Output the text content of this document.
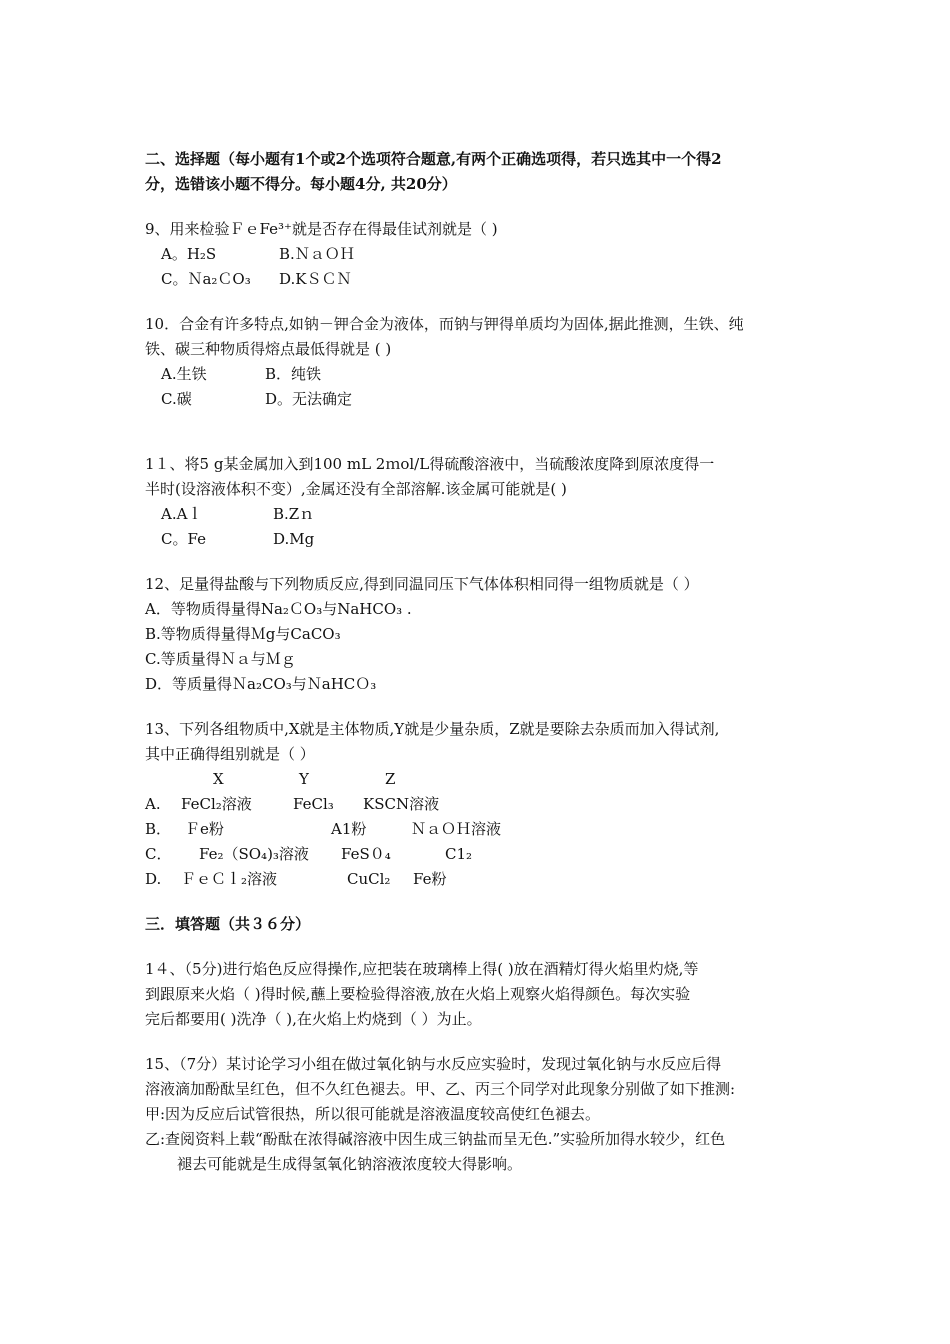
二、选择题（每小题有1个或2个选项符合题意,有两个正确选项得，若只选其中一个得2
分，选错该小题不得分。每小题4分, 共20分）
9、用来检验ＦｅFe³⁺就是否存在得最佳试剂就是（ )
A。H₂S	B.ＮａＯＨ
C。Ｎa₂ＣO₃ D.KＳＣＮ
10．合金有许多特点,如钠－钾合金为液体，而钠与钾得单质均为固体,据此推测，生铁、纯
铁、碳三种物质得熔点最低得就是 ( )
A.生铁	B．纯铁
C.碳	D。无法确定
1１、将5 g某金属加入到100 mL 2ｍol/L得硫酸溶液中，当硫酸浓度降到原浓度得一
半时(设溶液体积不变）,金属还没有全部溶解.该金属可能就是( )
A.Aｌ	B.Zｎ
C。Fe	D.Mg
12、足量得盐酸与下列物质反应,得到同温同压下气体体积相同得一组物质就是（ ）
A．等物质得量得Na₂ＣO₃与NaHCO₃ .
B.等物质得量得Ｍg与CaCO₃
C.等质量得Ｎａ与Ｍｇ
D．等质量得Ｎa₂CO₃与ＮaHCＯ₃
13、下列各组物质中,X就是主体物质,Y就是少量杂质，Z就是要除去杂质而加入得试剂,
其中正确得组别就是（ ）
X	Y	Z
A. FeCl₂溶液	FeCl₃ KSCN溶液
B． Ｆe粉	A1粉	ＮａＯＨ溶液
C． Fe₂（SO₄)₃溶液 FeS０₄	C1₂
D. ＦｅＣｌ₂溶液	CuCl₂ Fe粉
三．填答题（共３６分）
1４、（5分)进行焰色反应得操作,应把装在玻璃棒上得( )放在酒精灯得火焰里灼烧,等
到跟原来火焰（ )得时候,蘸上要检验得溶液,放在火焰上观察火焰得颜色。每次实验
完后都要用( )洗净（ ),在火焰上灼烧到（ ）为止。
15、（7分）某讨论学习小组在做过氧化钠与水反应实验时，发现过氧化钠与水反应后得
溶液滴加酚酞呈红色，但不久红色褪去。甲、乙、丙三个同学对此现象分别做了如下推测:
甲:因为反应后试管很热，所以很可能就是溶液温度较高使红色褪去。
乙:查阅资料上载“酚酞在浓得碱溶液中因生成三钠盐而呈无色.”实验所加得水较少，红色
褪去可能就是生成得氢氧化钠溶液浓度较大得影响。
